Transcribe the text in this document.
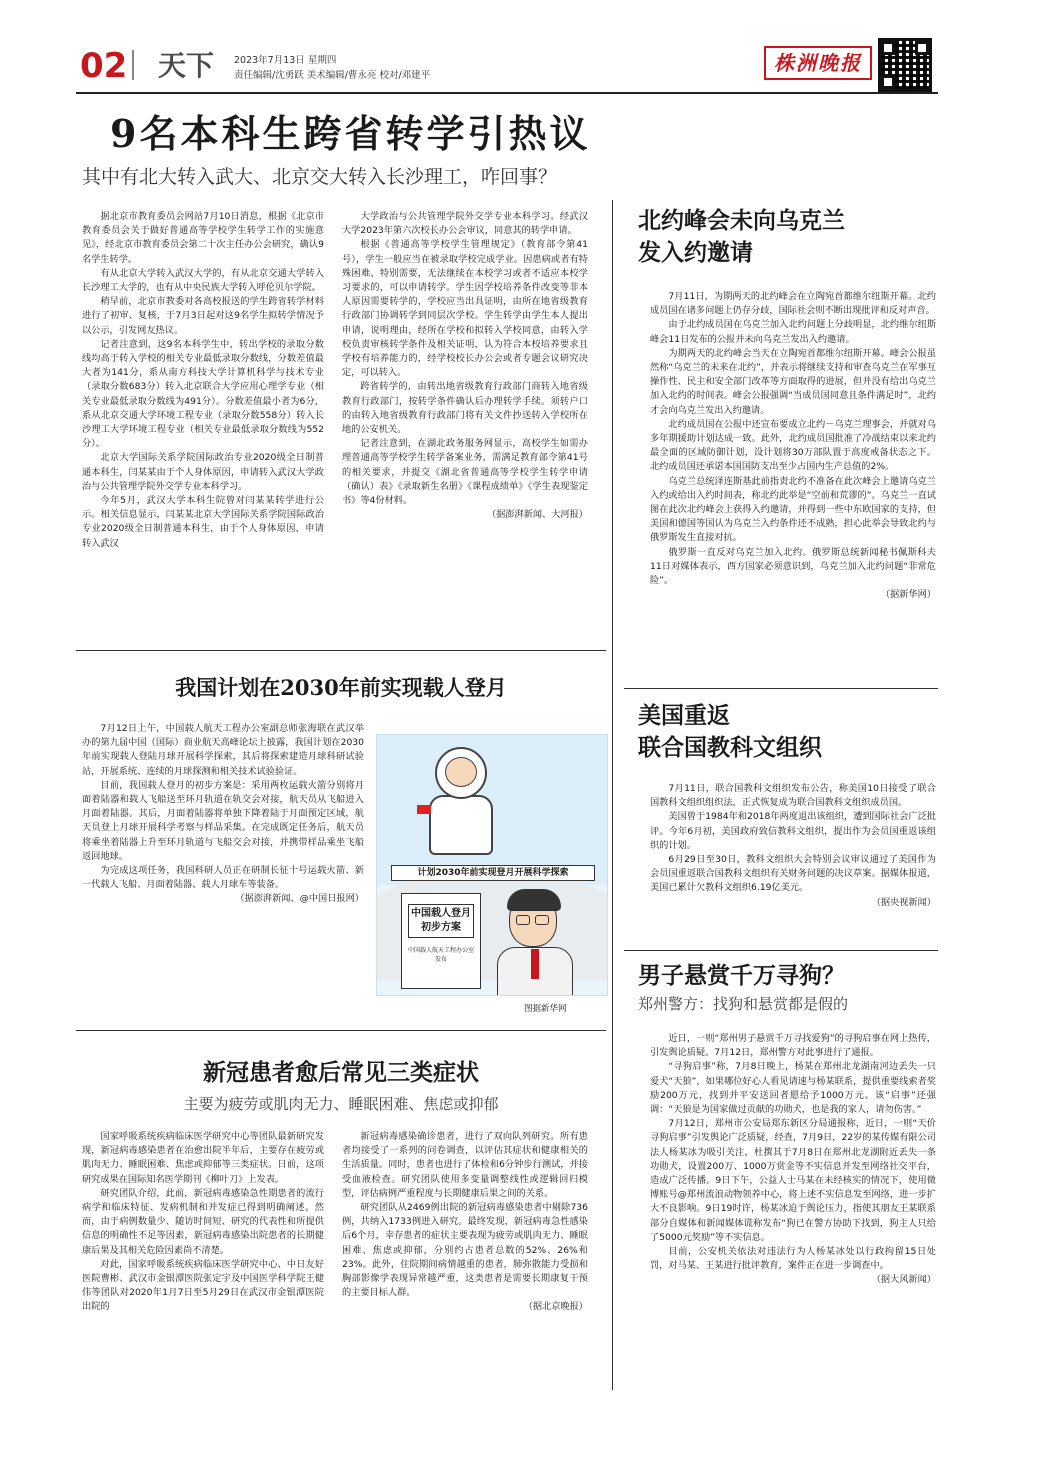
02 天下 2023年7月13日 星期四
责任编辑/沈勇跃 美术编辑/曹永亮 校对/邓建平
株洲晚报
9名本科生跨省转学引热议
其中有北大转入武大、北京交大转入长沙理工，咋回事？

据北京市教育委员会网站7月10日消息，根据《北京市教育委员会关于做好普通高等学校学生转学工作的实施意见》，经北京市教育委员会第二十次主任办公会研究，确认9名学生转学。

有从北京大学转入武汉大学的，有从北京交通大学转入长沙理工大学的，也有从中央民族大学转入呼伦贝尔学院。

稍早前，北京市教委对各高校报送的学生跨省转学材料进行了初审、复核，于7月3日起对这9名学生拟转学情况予以公示，引发网友热议。

记者注意到，这9名本科学生中，转出学校的录取分数线均高于转入学校的相关专业最低录取分数线，分数差值最大者为141分，系从南方科技大学计算机科学与技术专业（录取分数683分）转入北京联合大学应用心理学专业（相关专业最低录取分数线为491分）。分数差值最小者为6分，系从北京交通大学环境工程专业（录取分数558分）转入长沙理工大学环境工程专业（相关专业最低录取分数线为552分）。

北京大学国际关系学院国际政治专业2020级全日制普通本科生，闫某某由于个人身体原因，申请转入武汉大学政治与公共管理学院外交学专业本科学习。

今年5月，武汉大学本科生院曾对闫某某转学进行公示。相关信息显示，闫某某北京大学国际关系学院国际政治专业2020级全日制普通本科生，由于个人身体原因，申请转入武汉

大学政治与公共管理学院外交学专业本科学习。经武汉大学2023年第六次校长办公会审议，同意其的转学申请。

根据《普通高等学校学生管理规定》（教育部令第41号），学生一般应当在被录取学校完成学业。因患病或者有特殊困难、特别需要，无法继续在本校学习或者不适应本校学习要求的，可以申请转学。学生因学校培养条件改变等非本人原因需要转学的，学校应当出具证明，由所在地省级教育行政部门协调转学到同层次学校。学生转学由学生本人提出申请，说明理由，经所在学校和拟转入学校同意，由转入学校负责审核转学条件及相关证明，认为符合本校培养要求且学校有培养能力的，经学校校长办公会或者专题会议研究决定，可以转入。

跨省转学的，由转出地省级教育行政部门商转入地省级教育行政部门，按转学条件确认后办理转学手续。须转户口的由转入地省级教育行政部门将有关文件抄送转入学校所在地的公安机关。

记者注意到，在湖北政务服务网显示，高校学生如需办理普通高等学校学生转学备案业务，需满足教育部令第41号的相关要求，并提交《湖北省普通高等学校学生转学申请（确认）表》《录取新生名册》《课程成绩单》《学生表现鉴定书》等4份材料。

（据澎湃新闻、大河报）
北约峰会未向乌克兰
发入约邀请

7月11日，为期两天的北约峰会在立陶宛首都维尔纽斯开幕。北约成员国在诸多问题上仍存分歧，国际社会则不断出现批评和反对声音。

由于北约成员国在乌克兰加入北约问题上分歧明显，北约维尔纽斯峰会11日发布的公报并未向乌克兰发出入约邀请。

为期两天的北约峰会当天在立陶宛首都维尔纽斯开幕。峰会公报虽然称“乌克兰的未来在北约”，并表示将继续支持和审查乌克兰在军事互操作性、民主和安全部门改革等方面取得的进展，但并没有给出乌克兰加入北约的时间表。峰会公报强调“当成员国同意且条件满足时”，北约才会向乌克兰发出入约邀请。

北约成员国在公报中还宣布要成立北约－乌克兰理事会，并就对乌多年期援助计划达成一致。此外，北约成员国批准了冷战结束以来北约最全面的区域防御计划，设计划将30万部队置于高度戒备状态之下。北约成员国还承诺本国国防支出至少占国内生产总值的2%。

乌克兰总统泽连斯基此前指责北约不准备在此次峰会上邀请乌克兰入约或给出入约时间表，称北约此举是“空前和荒谬的”。乌克兰一直试图在此次北约峰会上获得入约邀请，并得到一些中东欧国家的支持，但美国和德国等国认为乌克兰入约条件还不成熟，担心此举会导致北约与俄罗斯发生直接对抗。

俄罗斯一直反对乌克兰加入北约。俄罗斯总统新闻秘书佩斯科夫11日对媒体表示，西方国家必须意识到，乌克兰加入北约问题“非常危险”。

（据新华网）
我国计划在2030年前实现载人登月

7月12日上午，中国载人航天工程办公室副总师张海联在武汉举办的第九届中国（国际）商业航天高峰论坛上披露，我国计划在2030年前实现载人登陆月球开展科学探索，其后将探索建造月球科研试验站，开展系统、连续的月球探测和相关技术试验验证。

目前，我国载人登月的初步方案是：采用两枚运载火箭分别将月面着陆器和载人飞船送至环月轨道在轨交会对接，航天员从飞船进入月面着陆器。其后，月面着陆器将单独下降着陆于月面预定区域，航天员登上月球开展科学考察与样品采集。在完成既定任务后，航天员将乘坐着陆器上升至环月轨道与飞船交会对接，并携带样品乘坐飞船返回地球。

为完成这项任务，我国科研人员正在研制长征十号运载火箭、新一代载人飞船、月面着陆器、载人月球车等装备。

（据澎湃新闻、@中国日报网）
计划2030年前实现登月开展科学探索
中国载人登月初步方案
中国载人航天工程办公室 发布
图据新华网
美国重返
联合国教科文组织

7月11日，联合国教科文组织发布公告，称美国10日接受了联合国教科文组织组织法，正式恢复成为联合国教科文组织成员国。

美国曾于1984年和2018年两度退出该组织，遭到国际社会广泛批评。今年6月初，美国政府致信教科文组织，提出作为会员国重返该组织的计划。

6月29日至30日，教科文组织大会特别会议审议通过了美国作为会员国重返联合国教科文组织有关财务问题的决议草案。据媒体报道，美国已累计欠教科文组织6.19亿美元。

（据央视新闻）
男子悬赏千万寻狗？
郑州警方：找狗和悬赏都是假的

近日，一则“郑州男子悬赏千万寻找爱狗”的寻狗启事在网上热传，引发舆论质疑。7月12日，郑州警方对此事进行了通报。

“寻狗启事”称，7月8日晚上，杨某在郑州北龙湖南河边丢失一只爱犬“天狼”，如果哪位好心人看见请速与杨某联系，提供重要线索者奖励200万元，找到并平安送回者愿给予1000万元。该“启事”还强调：“天狼是为国家做过贡献的功勋犬，也是我的家人，请勿伤害。”

7月12日，郑州市公安局郑东新区分局通报称，近日，一则“天价寻狗启事”引发舆论广泛质疑，经查，7月9日，22岁的某传媒有限公司法人杨某冰为吸引关注，杜撰其于7月8日在郑州北龙湖附近丢失一条功勋犬，设置200万、1000万赏金等不实信息并发至网络社交平台，造成广泛传播。9日下午，公益人士马某在未经核实的情况下，使用微博账号@郑州流浪动物领养中心，将上述不实信息发至网络，进一步扩大不良影响。9日19时许，杨某冰迫于舆论压力，指使其朋友王某联系部分自媒体和新闻媒体谎称发布“狗已在警方协助下找到，狗主人只给了5000元奖励”等不实信息。

目前，公安机关依法对违法行为人杨某冰处以行政拘留15日处罚，对马某、王某进行批评教育，案件正在进一步调查中。

（据大风新闻）
新冠患者愈后常见三类症状
主要为疲劳或肌肉无力、睡眠困难、焦虑或抑郁

国家呼吸系统疾病临床医学研究中心等团队最新研究发现，新冠病毒感染患者在治愈出院半年后，主要存在疲劳或肌肉无力、睡眠困难、焦虑或抑郁等三类症状。日前，这项研究成果在国际知名医学期刊《柳叶刀》上发表。

研究团队介绍，此前，新冠病毒感染急性期患者的流行病学和临床特征、发病机制和并发症已得到明确阐述。然而，由于病例数量少、随访时间短、研究的代表性和所提供信息的明确性不足等因素，新冠病毒感染出院患者的长期健康后果及其相关危险因素尚不清楚。

对此，国家呼吸系统疾病临床医学研究中心、中日友好医院曹彬、武汉市金银潭医院张定宇及中国医学科学院王健伟等团队对2020年1月7日至5月29日在武汉市金银潭医院出院的

新冠病毒感染确诊患者，进行了双向队列研究。所有患者均接受了一系列的问卷调查，以评估其症状和健康相关的生活质量。同时，患者也进行了体检和6分钟步行测试，并接受血液检查。研究团队使用多变量调整线性或逻辑回归模型，评估病例严重程度与长期健康后果之间的关系。

研究团队从2469例出院的新冠病毒感染患者中剔除736例，共纳入1733例进入研究。最终发现，新冠病毒急性感染后6个月，幸存患者的症状主要表现为疲劳或肌肉无力、睡眠困难、焦虑或抑郁，分别约占患者总数的52%、26%和23%。此外，住院期间病情越重的患者，肺弥散能力受损和胸部影像学表现异常越严重，这类患者是需要长期康复干预的主要目标人群。

（据北京晚报）
